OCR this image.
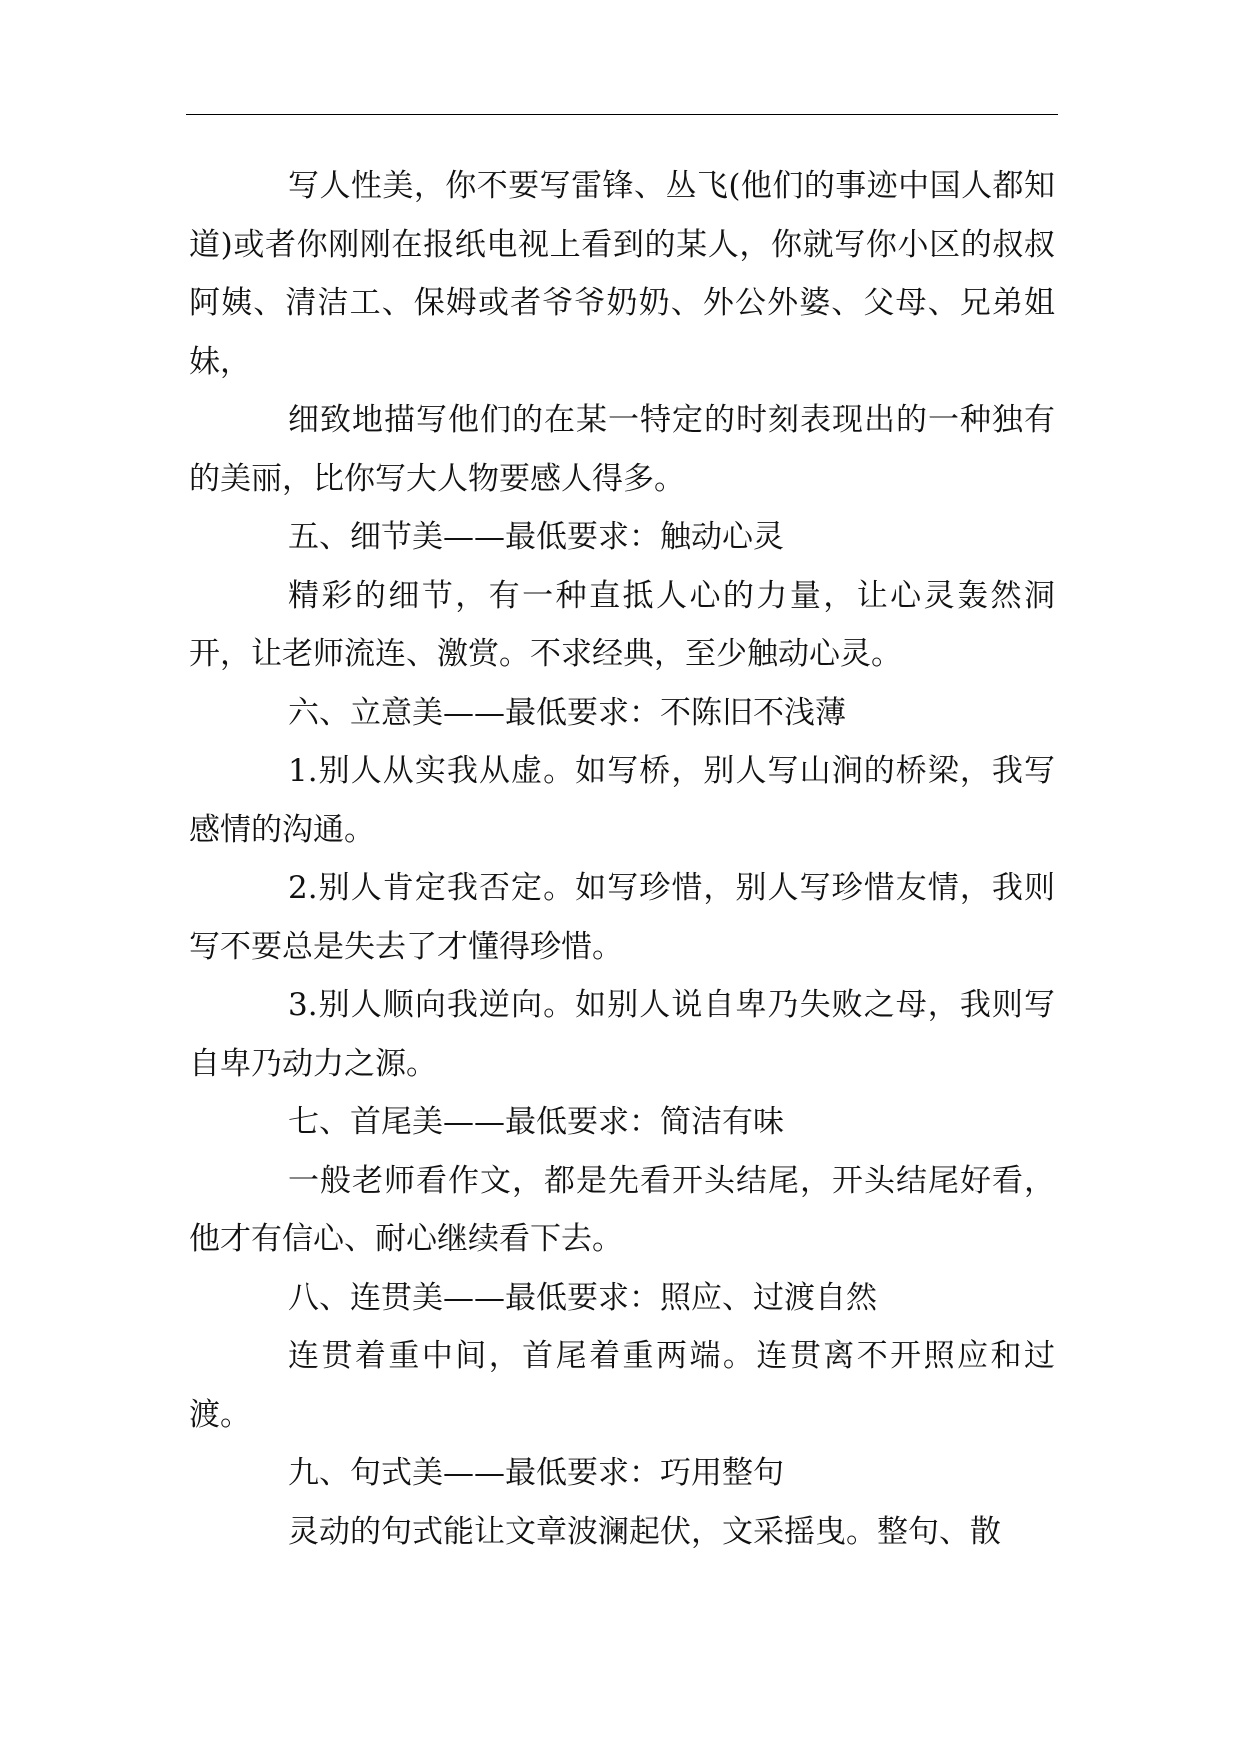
写人性美，你不要写雷锋、丛飞(他们的事迹中国人都知道)或者你刚刚在报纸电视上看到的某人，你就写你小区的叔叔阿姨、清洁工、保姆或者爷爷奶奶、外公外婆、父母、兄弟姐妹，

细致地描写他们的在某一特定的时刻表现出的一种独有的美丽，比你写大人物要感人得多。

五、细节美——最低要求：触动心灵

精彩的细节，有一种直抵人心的力量，让心灵轰然洞开，让老师流连、激赏。不求经典，至少触动心灵。

六、立意美——最低要求：不陈旧不浅薄

1.别人从实我从虚。如写桥，别人写山涧的桥梁，我写感情的沟通。

2.别人肯定我否定。如写珍惜，别人写珍惜友情，我则写不要总是失去了才懂得珍惜。

3.别人顺向我逆向。如别人说自卑乃失败之母，我则写自卑乃动力之源。

七、首尾美——最低要求：简洁有味

一般老师看作文，都是先看开头结尾，开头结尾好看，他才有信心、耐心继续看下去。

八、连贯美——最低要求：照应、过渡自然

连贯着重中间，首尾着重两端。连贯离不开照应和过渡。

九、句式美——最低要求：巧用整句

灵动的句式能让文章波澜起伏，文采摇曳。整句、散
